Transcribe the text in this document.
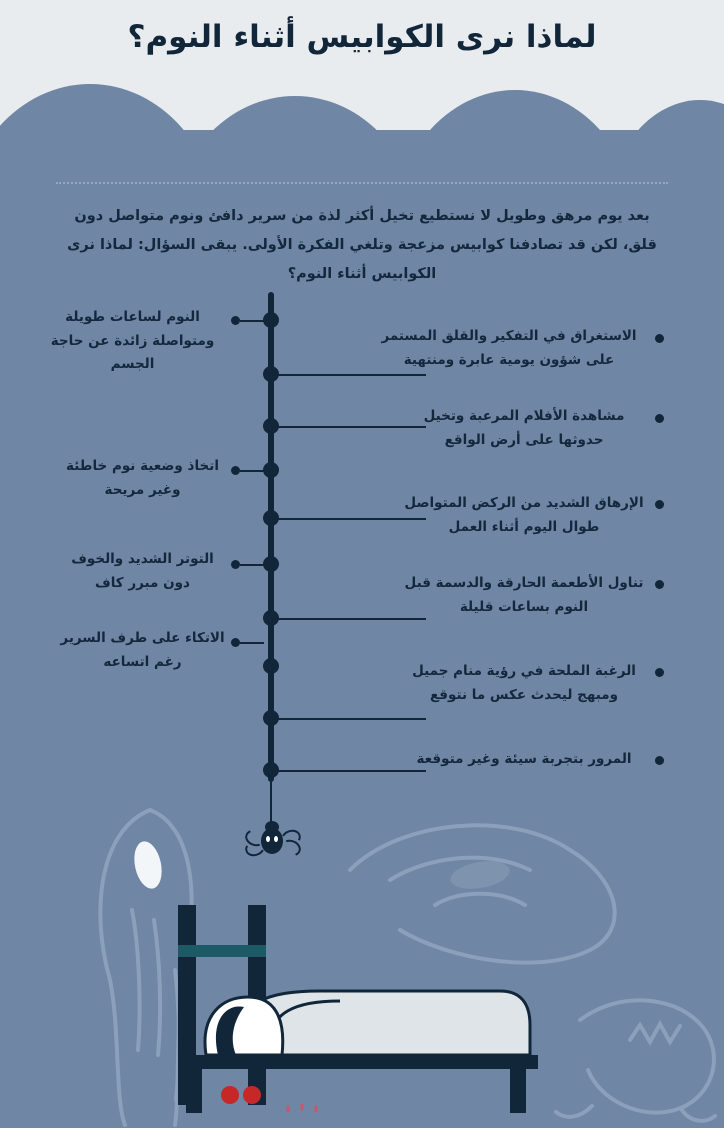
لماذا نرى الكوابيس أثناء النوم؟
بعد يوم مرهق وطويل لا نستطيع تخيل أكثر لذة من سرير دافئ ونوم متواصل دون قلق، لكن قد تصادفنا كوابيس مزعجة وتلغي الفكرة الأولى. يبقى السؤال: لماذا نرى الكوابيس أثناء النوم؟
النوم لساعات طويلة ومتواصلة زائدة عن حاجة الجسم
اتخاذ وضعية نوم خاطئة وغير مريحة
التوتر الشديد والخوف دون مبرر كاف
الاتكاء على طرف السرير رغم اتساعه
الاستغراق في التفكير والقلق المستمر على شؤون يومية عابرة ومنتهية
مشاهدة الأفلام المرعبة وتخيل حدوثها على أرض الواقع
الإرهاق الشديد من الركض المتواصل طوال اليوم أثناء العمل
تناول الأطعمة الحارقة والدسمة قبل النوم بساعات قليلة
الرغبة الملحة في رؤية منام جميل ومبهج ليحدث عكس ما نتوقع
المرور بتجربة سيئة وغير متوقعة
